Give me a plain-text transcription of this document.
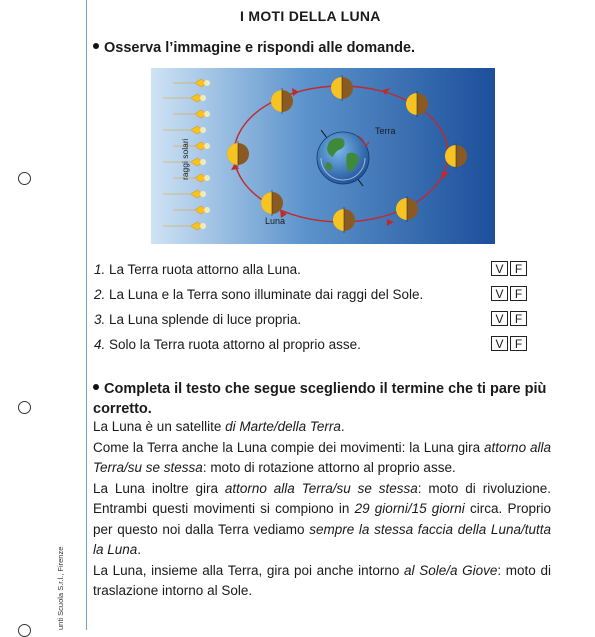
unti Scuola S.r.l., Firenze
I MOTI DELLA LUNA
Osserva l’immagine e rispondi alle domande.
raggi solari
Terra
Luna
1. La Terra ruota attorno alla Luna.	V F
2. La Luna e la Terra sono illuminate dai raggi del Sole.	V F
3. La Luna splende di luce propria.	V F
4. Solo la Terra ruota attorno al proprio asse.	V F
Completa il testo che segue scegliendo il termine che ti pare più corretto.

La Luna è un satellite di Marte/della Terra.

Come la Terra anche la Luna compie dei movimenti: la Luna gira attorno alla Terra/su se stessa: moto di rotazione attorno al proprio asse.

La Luna inoltre gira attorno alla Terra/su se stessa: moto di rivoluzione. Entrambi questi movimenti si compiono in 29 giorni/15 giorni circa. Proprio per questo noi dalla Terra vediamo sempre la stessa faccia della Luna/tutta la Luna.

La Luna, insieme alla Terra, gira poi anche intorno al Sole/a Giove: moto di traslazione intorno al Sole.
